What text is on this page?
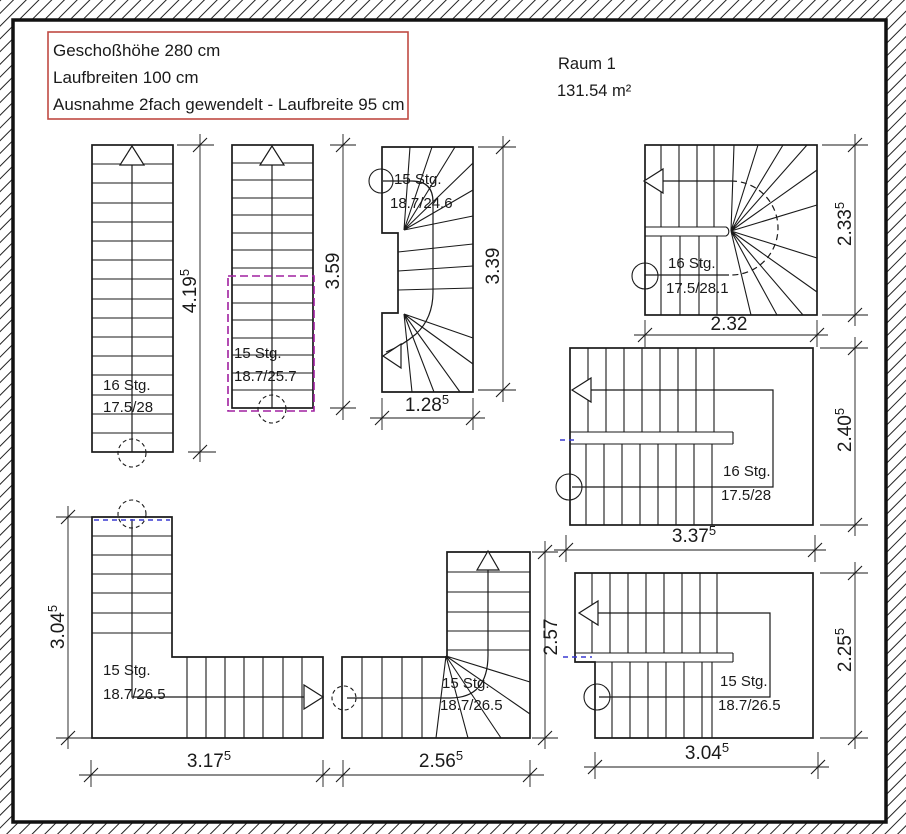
Geschoßhöhe 280 cm
Laufbreiten 100 cm
Ausnahme 2fach gewendelt - Laufbreite 95 cm
Raum 1
131.54 m²
16 Stg.
17.5/28
15 Stg.
18.7/25.7
15 Stg.
18.7/24.6
16 Stg.
17.5/28.1
16 Stg.
17.5/28
15 Stg.
18.7/26.5
15 Stg.
18.7/26.5
15 Stg.
18.7/26.5
4.19$^5$	3.59	3.39
1.28$^5$
2.32
2.33$^5$
2.40$^5$
2.25$^5$
3.37$^5$
3.04$^5$
3.04$^5$
3.17$^5$	2.56$^5$
2.57
